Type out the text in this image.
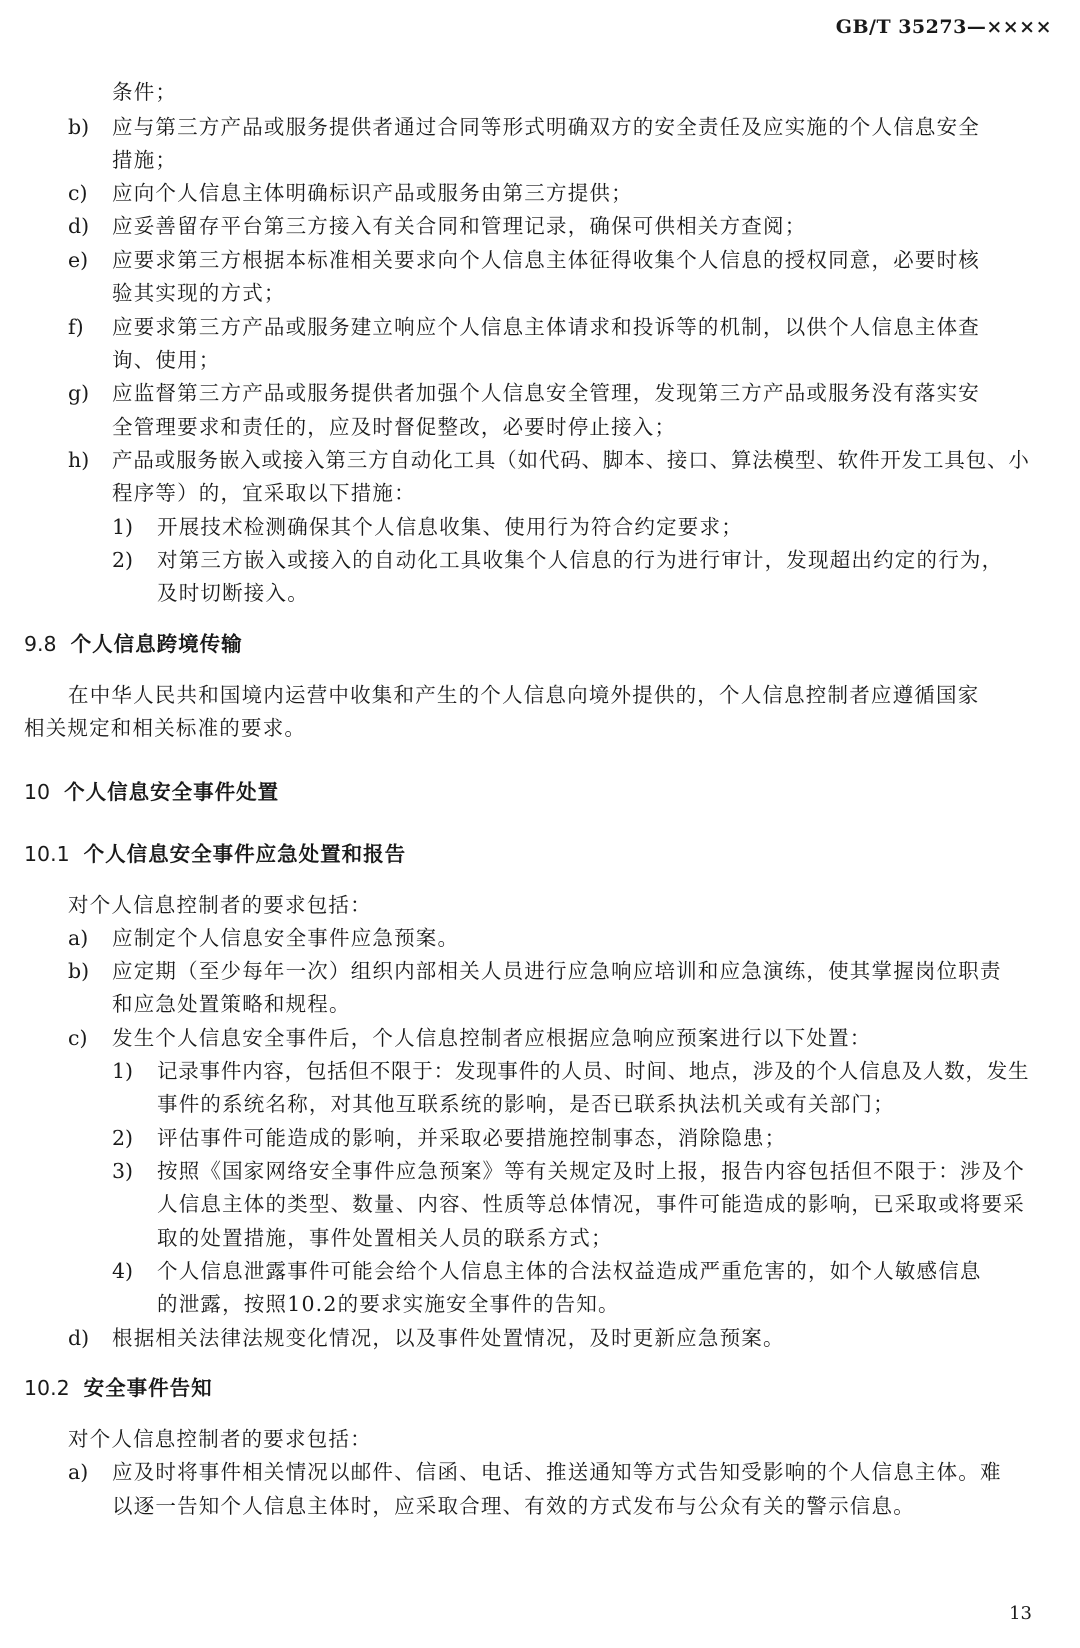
GB/T 35273—××××
条件；
b) 应与第三方产品或服务提供者通过合同等形式明确双方的安全责任及应实施的个人信息安全
措施；
c) 应向个人信息主体明确标识产品或服务由第三方提供；
d) 应妥善留存平台第三方接入有关合同和管理记录，确保可供相关方查阅；
e) 应要求第三方根据本标准相关要求向个人信息主体征得收集个人信息的授权同意，必要时核
验其实现的方式；
f) 应要求第三方产品或服务建立响应个人信息主体请求和投诉等的机制，以供个人信息主体查
询、使用；
g) 应监督第三方产品或服务提供者加强个人信息安全管理，发现第三方产品或服务没有落实安
全管理要求和责任的，应及时督促整改，必要时停止接入；
h) 产品或服务嵌入或接入第三方自动化工具（如代码、脚本、接口、算法模型、软件开发工具包、小
程序等）的，宜采取以下措施：
1) 开展技术检测确保其个人信息收集、使用行为符合约定要求；
2) 对第三方嵌入或接入的自动化工具收集个人信息的行为进行审计，发现超出约定的行为，
及时切断接入。
9.8 个人信息跨境传输
在中华人民共和国境内运营中收集和产生的个人信息向境外提供的，个人信息控制者应遵循国家
相关规定和相关标准的要求。
10 个人信息安全事件处置
10.1 个人信息安全事件应急处置和报告
对个人信息控制者的要求包括：
a) 应制定个人信息安全事件应急预案。
b) 应定期（至少每年一次）组织内部相关人员进行应急响应培训和应急演练，使其掌握岗位职责
和应急处置策略和规程。
c) 发生个人信息安全事件后，个人信息控制者应根据应急响应预案进行以下处置：
1) 记录事件内容，包括但不限于：发现事件的人员、时间、地点，涉及的个人信息及人数，发生
事件的系统名称，对其他互联系统的影响，是否已联系执法机关或有关部门；
2) 评估事件可能造成的影响，并采取必要措施控制事态，消除隐患；
3) 按照《国家网络安全事件应急预案》等有关规定及时上报，报告内容包括但不限于：涉及个
人信息主体的类型、数量、内容、性质等总体情况，事件可能造成的影响，已采取或将要采
取的处置措施，事件处置相关人员的联系方式；
4) 个人信息泄露事件可能会给个人信息主体的合法权益造成严重危害的，如个人敏感信息
的泄露，按照10.2的要求实施安全事件的告知。
d) 根据相关法律法规变化情况，以及事件处置情况，及时更新应急预案。
10.2 安全事件告知
对个人信息控制者的要求包括：
a) 应及时将事件相关情况以邮件、信函、电话、推送通知等方式告知受影响的个人信息主体。难
以逐一告知个人信息主体时，应采取合理、有效的方式发布与公众有关的警示信息。
13
